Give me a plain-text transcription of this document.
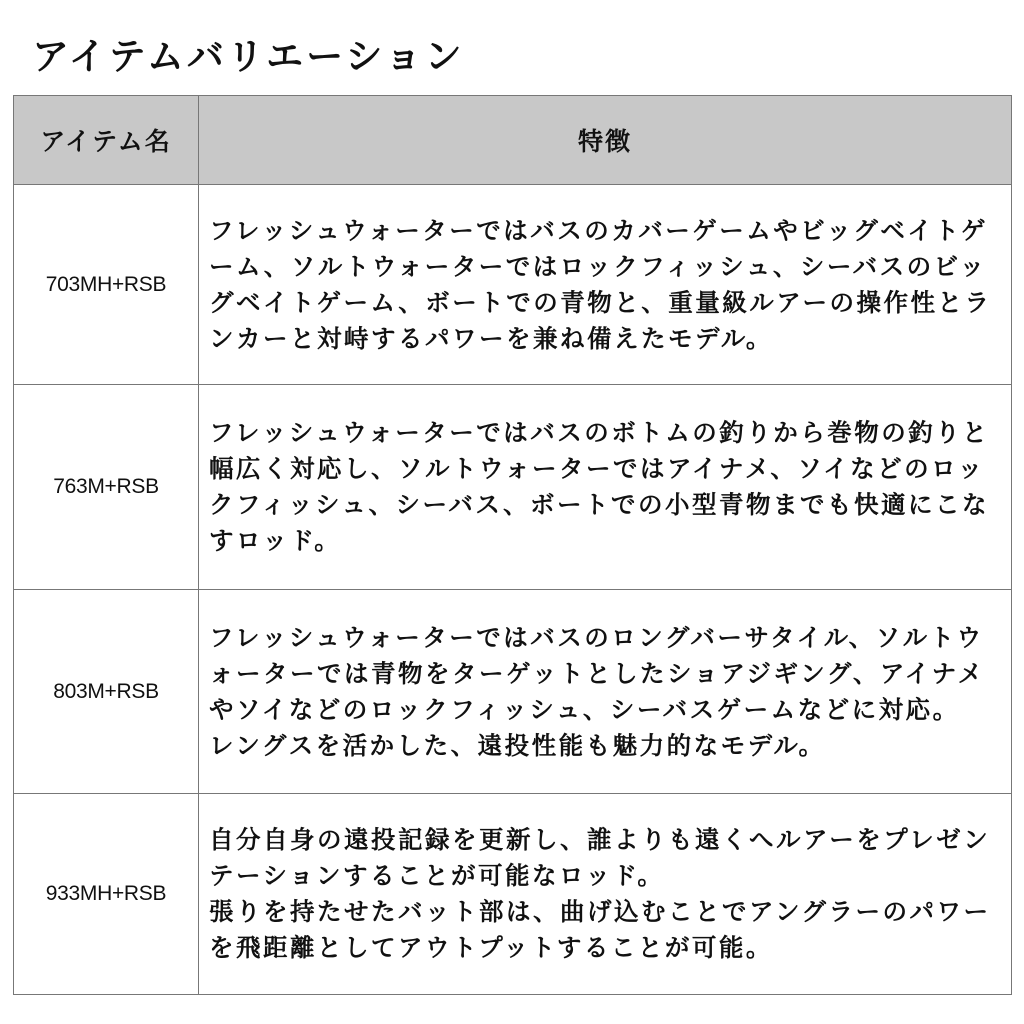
アイテムバリエーション
アイテム名	特徴
703MH+RSB	フレッシュウォーターではバスのカバーゲームやビッグベイトゲーム、ソルトウォーターではロックフィッシュ、シーバスのビッグベイトゲーム、ボートでの青物と、重量級ルアーの操作性とランカーと対峙するパワーを兼ね備えたモデル。
763M+RSB	フレッシュウォーターではバスのボトムの釣りから巻物の釣りと幅広く対応し、ソルトウォーターではアイナメ、ソイなどのロックフィッシュ、シーバス、ボートでの小型青物までも快適にこなすロッド。
803M+RSB	フレッシュウォーターではバスのロングバーサタイル、ソルトウォーターでは青物をターゲットとしたショアジギング、アイナメやソイなどのロックフィッシュ、シーバスゲームなどに対応。
レングスを活かした、遠投性能も魅力的なモデル。
933MH+RSB	自分自身の遠投記録を更新し、誰よりも遠くへルアーをプレゼンテーションすることが可能なロッド。
張りを持たせたバット部は、曲げ込むことでアングラーのパワーを飛距離としてアウトプットすることが可能。
